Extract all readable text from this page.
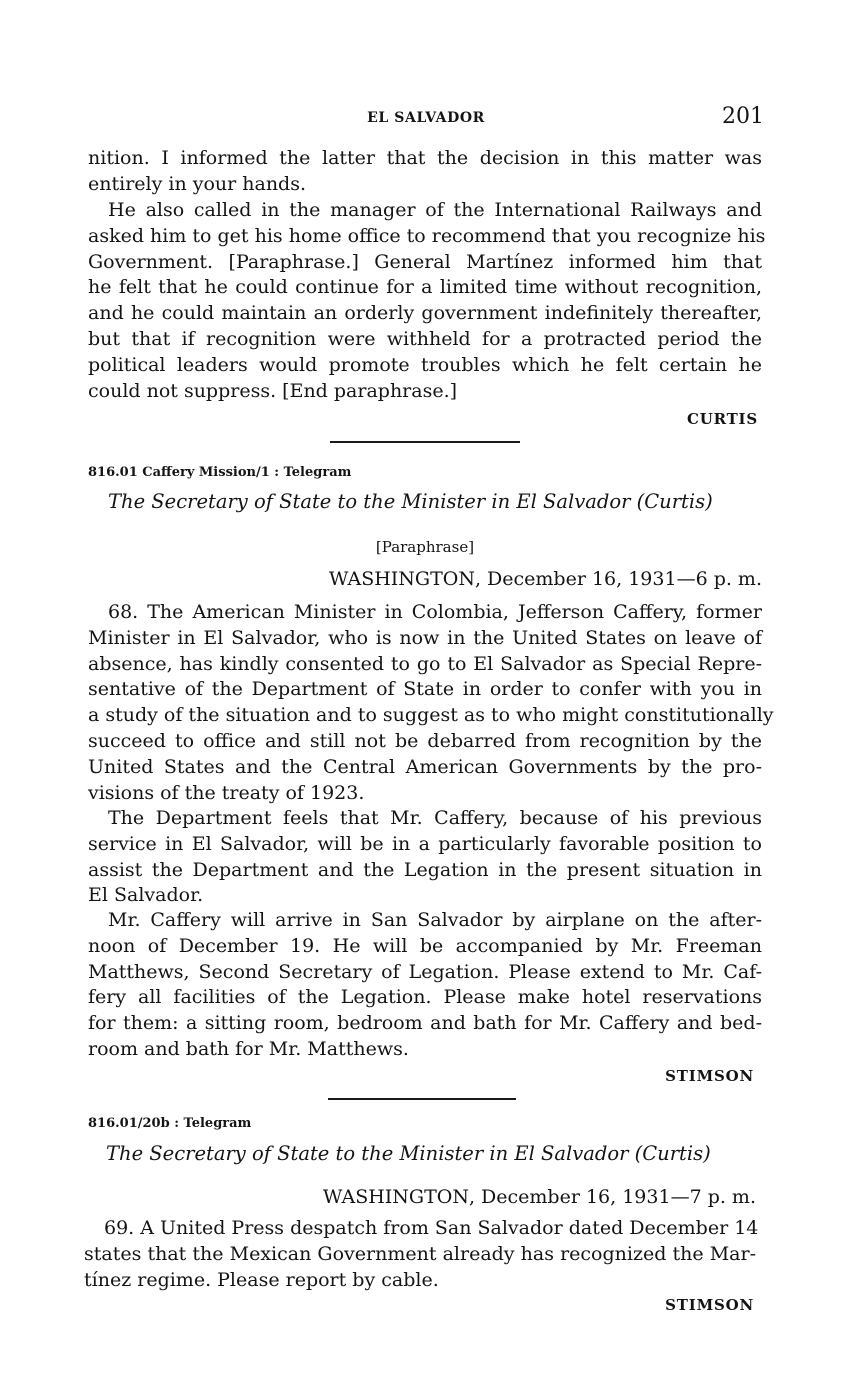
EL SALVADOR	201
nition. I informed the latter that the decision in this matter was
entirely in your hands.
He also called in the manager of the International Railways and
asked him to get his home office to recommend that you recognize his
Government. [Paraphrase.] General Martínez informed him that
he felt that he could continue for a limited time without recognition,
and he could maintain an orderly government indefinitely thereafter,
but that if recognition were withheld for a protracted period the
political leaders would promote troubles which he felt certain he
could not suppress. [End paraphrase.]
CURTIS
816.01 Caffery Mission/1 : Telegram
The Secretary of State to the Minister in El Salvador (Curtis)
[Paraphrase]
WASHINGTON, December 16, 1931—6 p. m.
68. The American Minister in Colombia, Jefferson Caffery, former
Minister in El Salvador, who is now in the United States on leave of
absence, has kindly consented to go to El Salvador as Special Repre-
sentative of the Department of State in order to confer with you in
a study of the situation and to suggest as to who might constitutionally
succeed to office and still not be debarred from recognition by the
United States and the Central American Governments by the pro-
visions of the treaty of 1923.
The Department feels that Mr. Caffery, because of his previous
service in El Salvador, will be in a particularly favorable position to
assist the Department and the Legation in the present situation in
El Salvador.
Mr. Caffery will arrive in San Salvador by airplane on the after-
noon of December 19. He will be accompanied by Mr. Freeman
Matthews, Second Secretary of Legation. Please extend to Mr. Caf-
fery all facilities of the Legation. Please make hotel reservations
for them: a sitting room, bedroom and bath for Mr. Caffery and bed-
room and bath for Mr. Matthews.
STIMSON
816.01/20b : Telegram
The Secretary of State to the Minister in El Salvador (Curtis)
WASHINGTON, December 16, 1931—7 p. m.
69. A United Press despatch from San Salvador dated December 14
states that the Mexican Government already has recognized the Mar-
tínez regime. Please report by cable.
STIMSON
